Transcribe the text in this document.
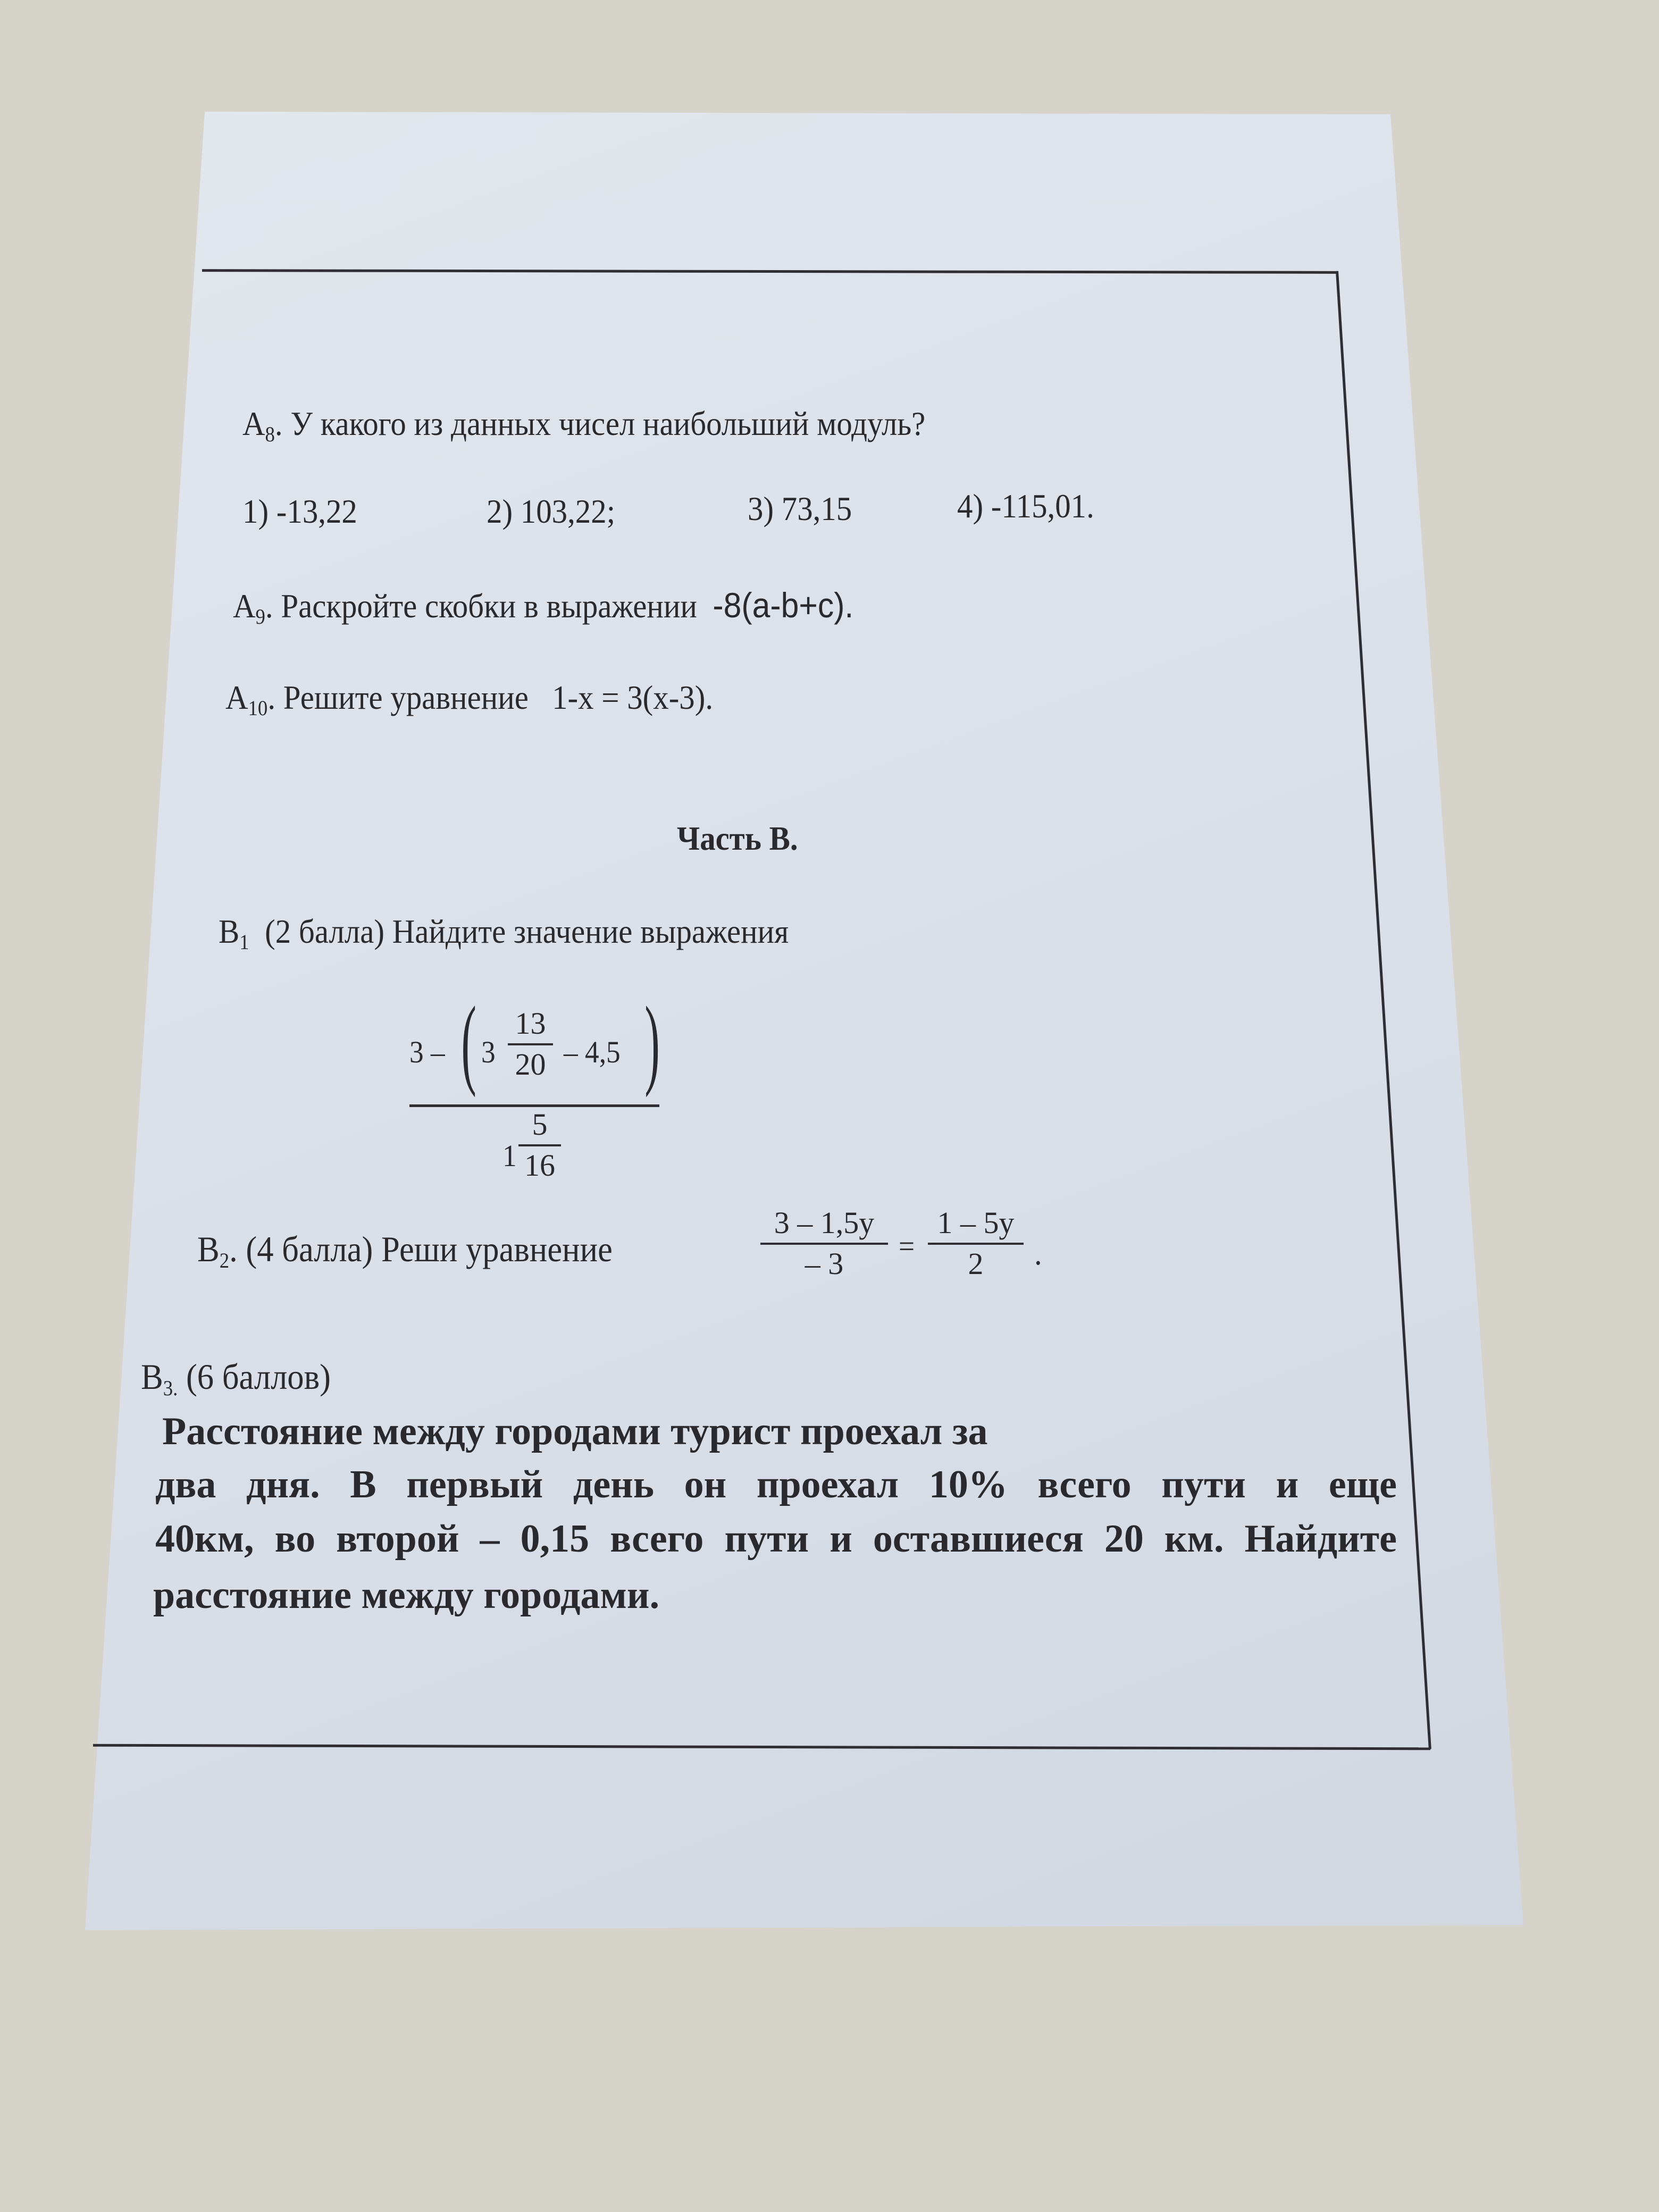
$A_8$. У какого из данных чисел наибольший модуль?
1) -13,22	2) 103,22;	3) 73,15	4) -115,01.
$A_9$. Раскройте скобки в выражении -8(a-b+c).
$A_{10}$. Решите уравнение 1-x = 3(x-3).
Часть В.
$B_1$ (2 балла) Найдите значение выражения
3 – ( 3
13
20 – 4,5 )
1
5
16
$B_2$. (4 балла) Реши уравнение
3 – 1,5y
– 3
=
1 – 5y
2 .
$B_{3.}$ (6 баллов)
Расстояние между городами турист проехал за
два дня. В первый день он проехал 10% всего пути и еще
40км, во второй – 0,15 всего пути и оставшиеся 20 км. Найдите
расстояние между городами.
